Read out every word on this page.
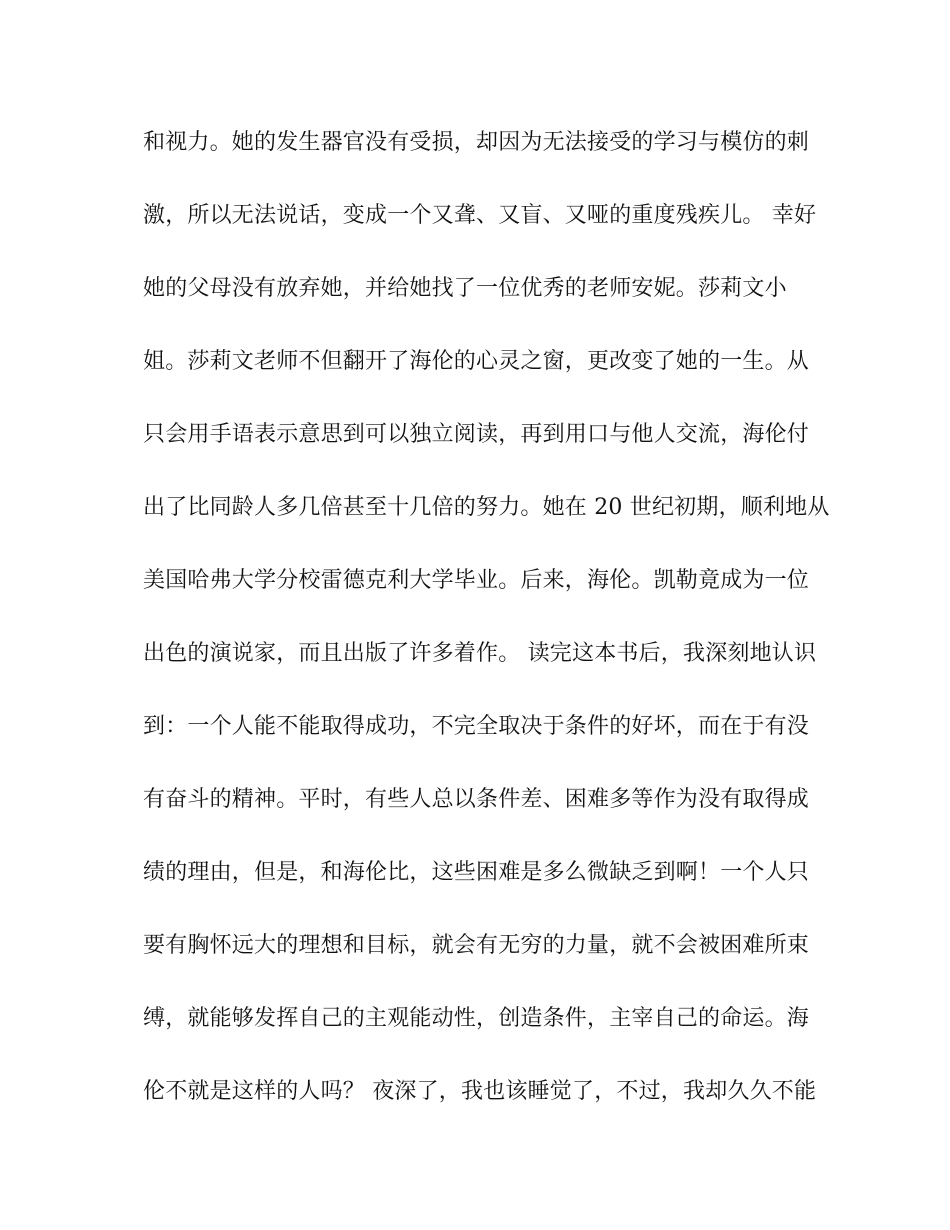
和视力。她的发生器官没有受损，却因为无法接受的学习与模仿的刺
激，所以无法说话，变成一个又聋、又盲、又哑的重度残疾儿。 幸好
她的父母没有放弃她，并给她找了一位优秀的老师安妮。莎莉文小
姐。莎莉文老师不但翻开了海伦的心灵之窗，更改变了她的一生。从
只会用手语表示意思到可以独立阅读，再到用口与他人交流，海伦付
出了比同龄人多几倍甚至十几倍的努力。她在 20 世纪初期，顺利地从
美国哈弗大学分校雷德克利大学毕业。后来，海伦。凯勒竟成为一位
出色的演说家，而且出版了许多着作。 读完这本书后，我深刻地认识
到：一个人能不能取得成功，不完全取决于条件的好坏，而在于有没
有奋斗的精神。平时，有些人总以条件差、困难多等作为没有取得成
绩的理由，但是，和海伦比，这些困难是多么微缺乏到啊！一个人只
要有胸怀远大的理想和目标，就会有无穷的力量，就不会被困难所束
缚，就能够发挥自己的主观能动性，创造条件，主宰自己的命运。海
伦不就是这样的人吗？ 夜深了，我也该睡觉了，不过，我却久久不能
